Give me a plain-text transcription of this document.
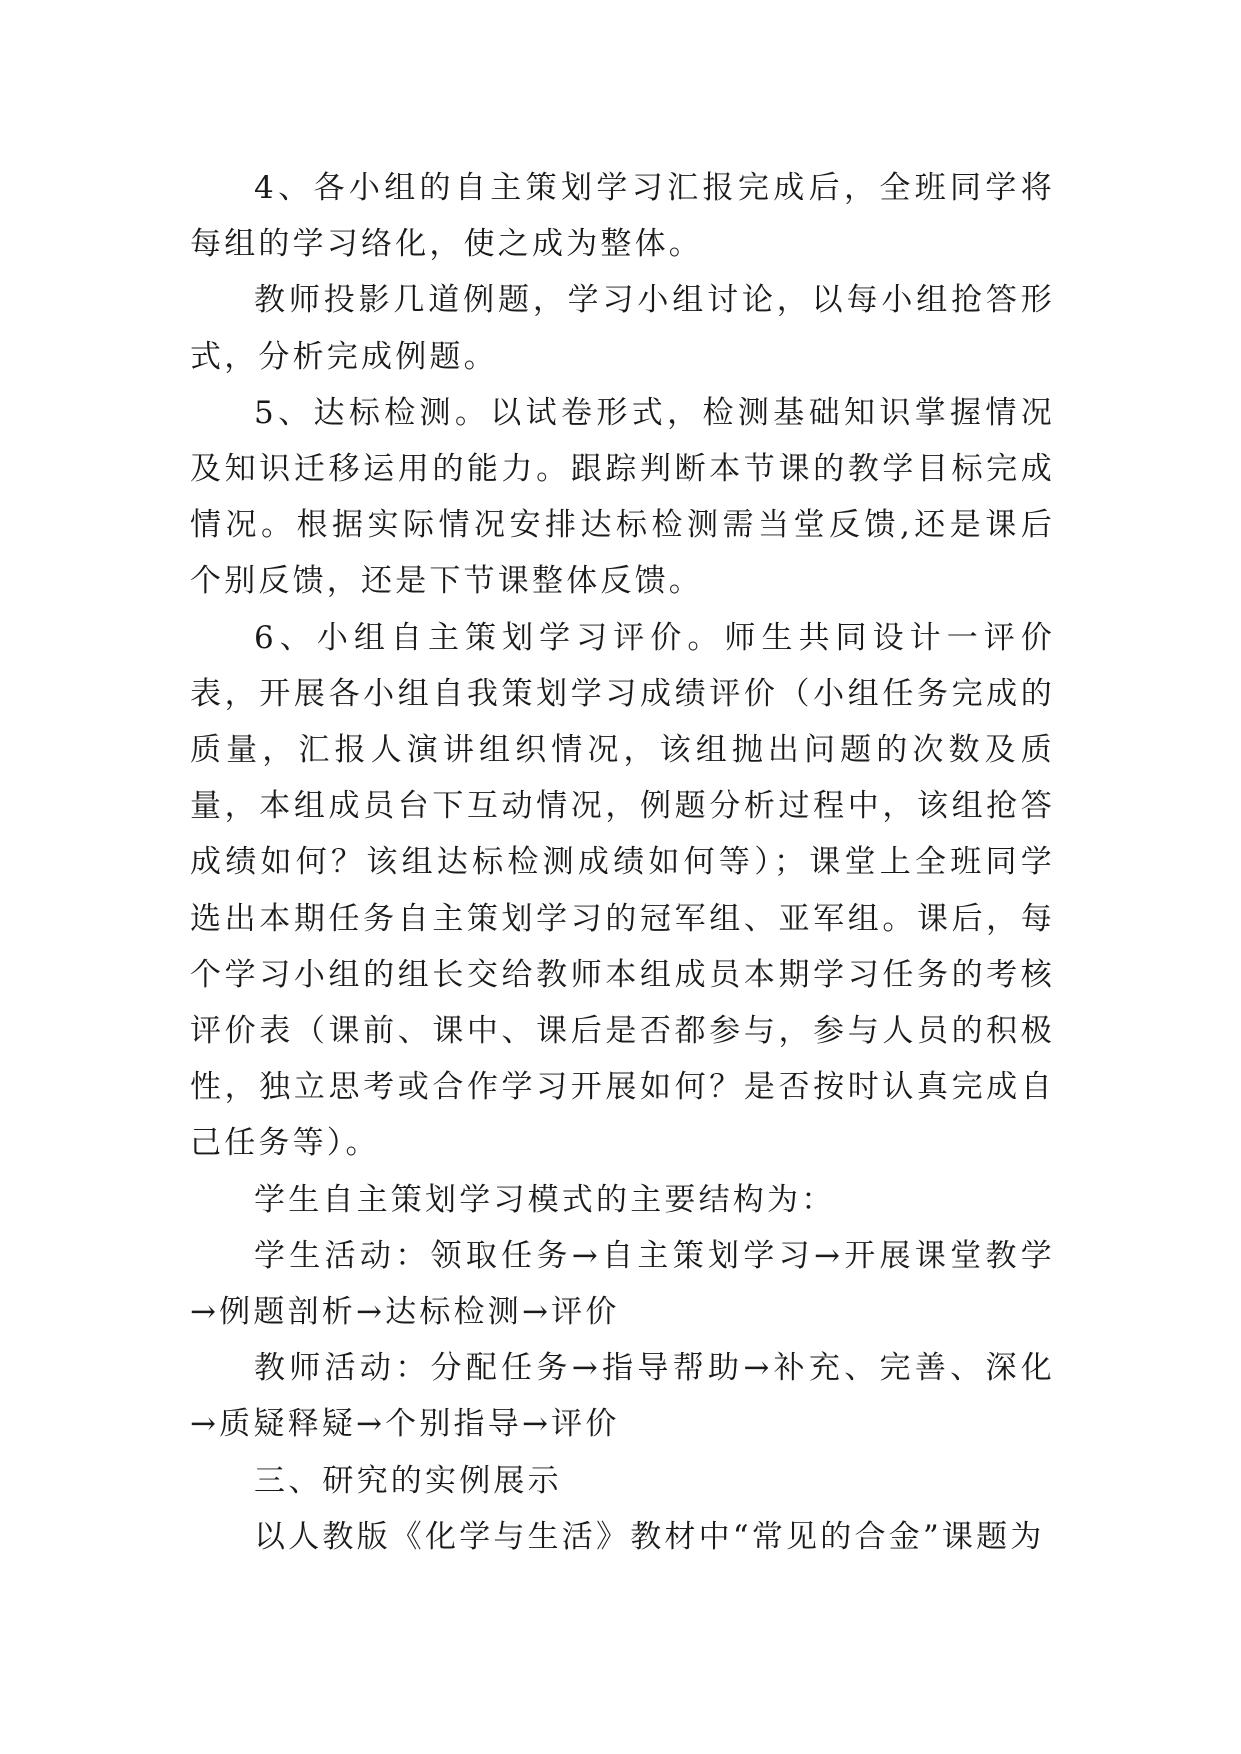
4、各小组的自主策划学习汇报完成后，全班同学将每组的学习络化，使之成为整体。

教师投影几道例题，学习小组讨论，以每小组抢答形式，分析完成例题。

5、达标检测。以试卷形式，检测基础知识掌握情况及知识迁移运用的能力。跟踪判断本节课的教学目标完成情况。根据实际情况安排达标检测需当堂反馈,还是课后个别反馈，还是下节课整体反馈。

6、小组自主策划学习评价。师生共同设计一评价表，开展各小组自我策划学习成绩评价（小组任务完成的质量，汇报人演讲组织情况，该组抛出问题的次数及质量，本组成员台下互动情况，例题分析过程中，该组抢答成绩如何？该组达标检测成绩如何等）；课堂上全班同学选出本期任务自主策划学习的冠军组、亚军组。课后，每个学习小组的组长交给教师本组成员本期学习任务的考核评价表（课前、课中、课后是否都参与，参与人员的积极性，独立思考或合作学习开展如何？是否按时认真完成自己任务等）。

学生自主策划学习模式的主要结构为：

学生活动：领取任务→自主策划学习→开展课堂教学→例题剖析→达标检测→评价

教师活动：分配任务→指导帮助→补充、完善、深化→质疑释疑→个别指导→评价

三、研究的实例展示

以人教版《化学与生活》教材中“常见的合金”课题为
